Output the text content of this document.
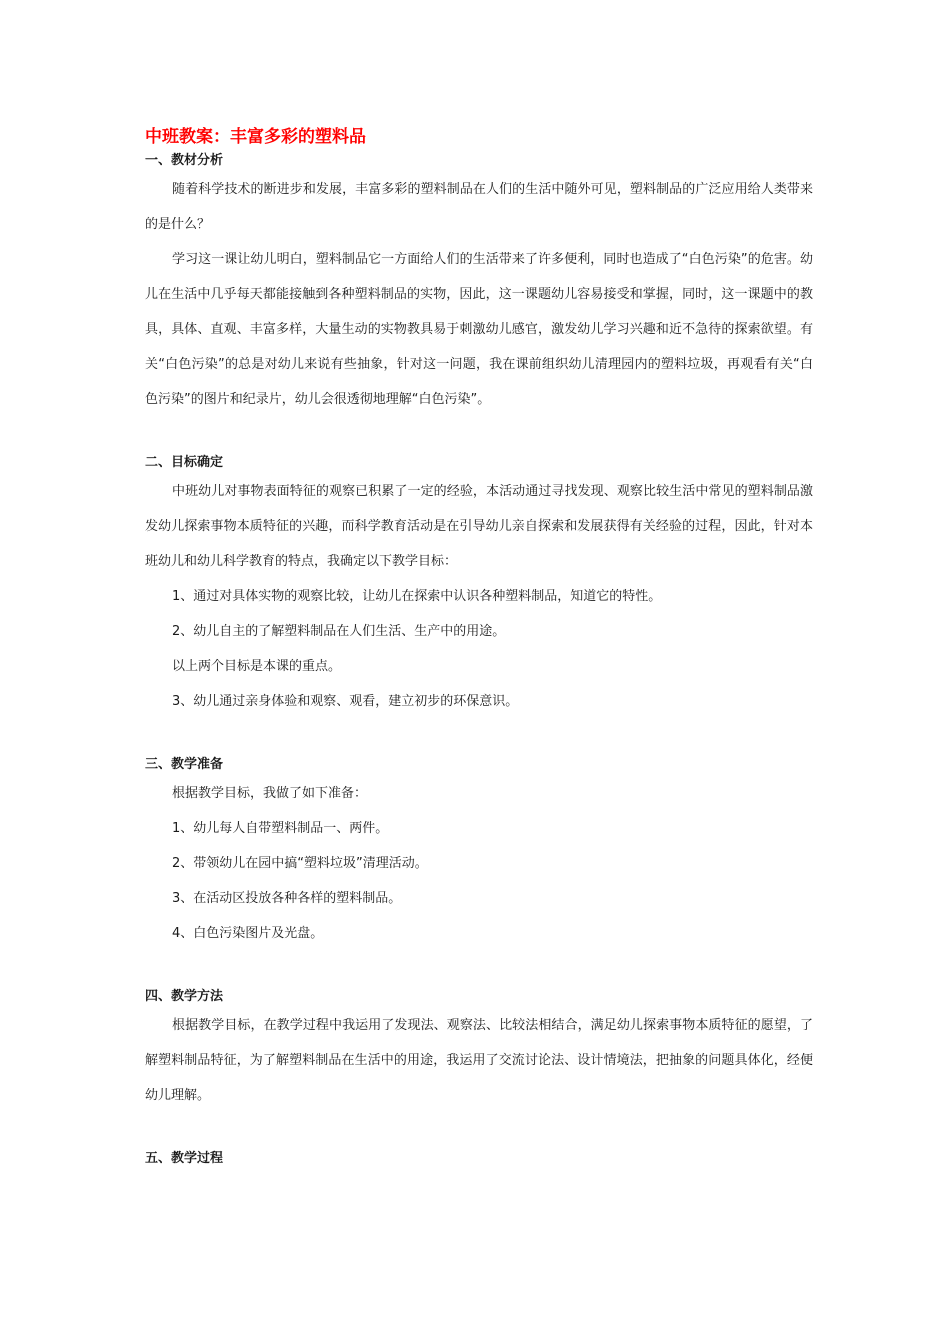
中班教案：丰富多彩的塑料品
一、教材分析

随着科学技术的断进步和发展，丰富多彩的塑料制品在人们的生活中随外可见，塑料制品的广泛应用给人类带来的是什么？

学习这一课让幼儿明白，塑料制品它一方面给人们的生活带来了许多便利，同时也造成了“白色污染”的危害。幼儿在生活中几乎每天都能接触到各种塑料制品的实物，因此，这一课题幼儿容易接受和掌握，同时，这一课题中的教具，具体、直观、丰富多样，大量生动的实物教具易于刺激幼儿感官，激发幼儿学习兴趣和近不急待的探索欲望。有关“白色污染”的总是对幼儿来说有些抽象，针对这一问题，我在课前组织幼儿清理园内的塑料垃圾，再观看有关“白色污染”的图片和纪录片，幼儿会很透彻地理解“白色污染”。

二、目标确定

中班幼儿对事物表面特征的观察已积累了一定的经验，本活动通过寻找发现、观察比较生活中常见的塑料制品激发幼儿探索事物本质特征的兴趣，而科学教育活动是在引导幼儿亲自探索和发展获得有关经验的过程，因此，针对本班幼儿和幼儿科学教育的特点，我确定以下教学目标：

1、通过对具体实物的观察比较，让幼儿在探索中认识各种塑料制品，知道它的特性。

2、幼儿自主的了解塑料制品在人们生活、生产中的用途。

以上两个目标是本课的重点。

3、幼儿通过亲身体验和观察、观看，建立初步的环保意识。

三、教学准备

根据教学目标，我做了如下准备：

1、幼儿每人自带塑料制品一、两件。

2、带领幼儿在园中搞“塑料垃圾”清理活动。

3、在活动区投放各种各样的塑料制品。

4、白色污染图片及光盘。

四、教学方法

根据教学目标，在教学过程中我运用了发现法、观察法、比较法相结合，满足幼儿探索事物本质特征的愿望，了解塑料制品特征，为了解塑料制品在生活中的用途，我运用了交流讨论法、设计情境法，把抽象的问题具体化，经便幼儿理解。

五、教学过程
